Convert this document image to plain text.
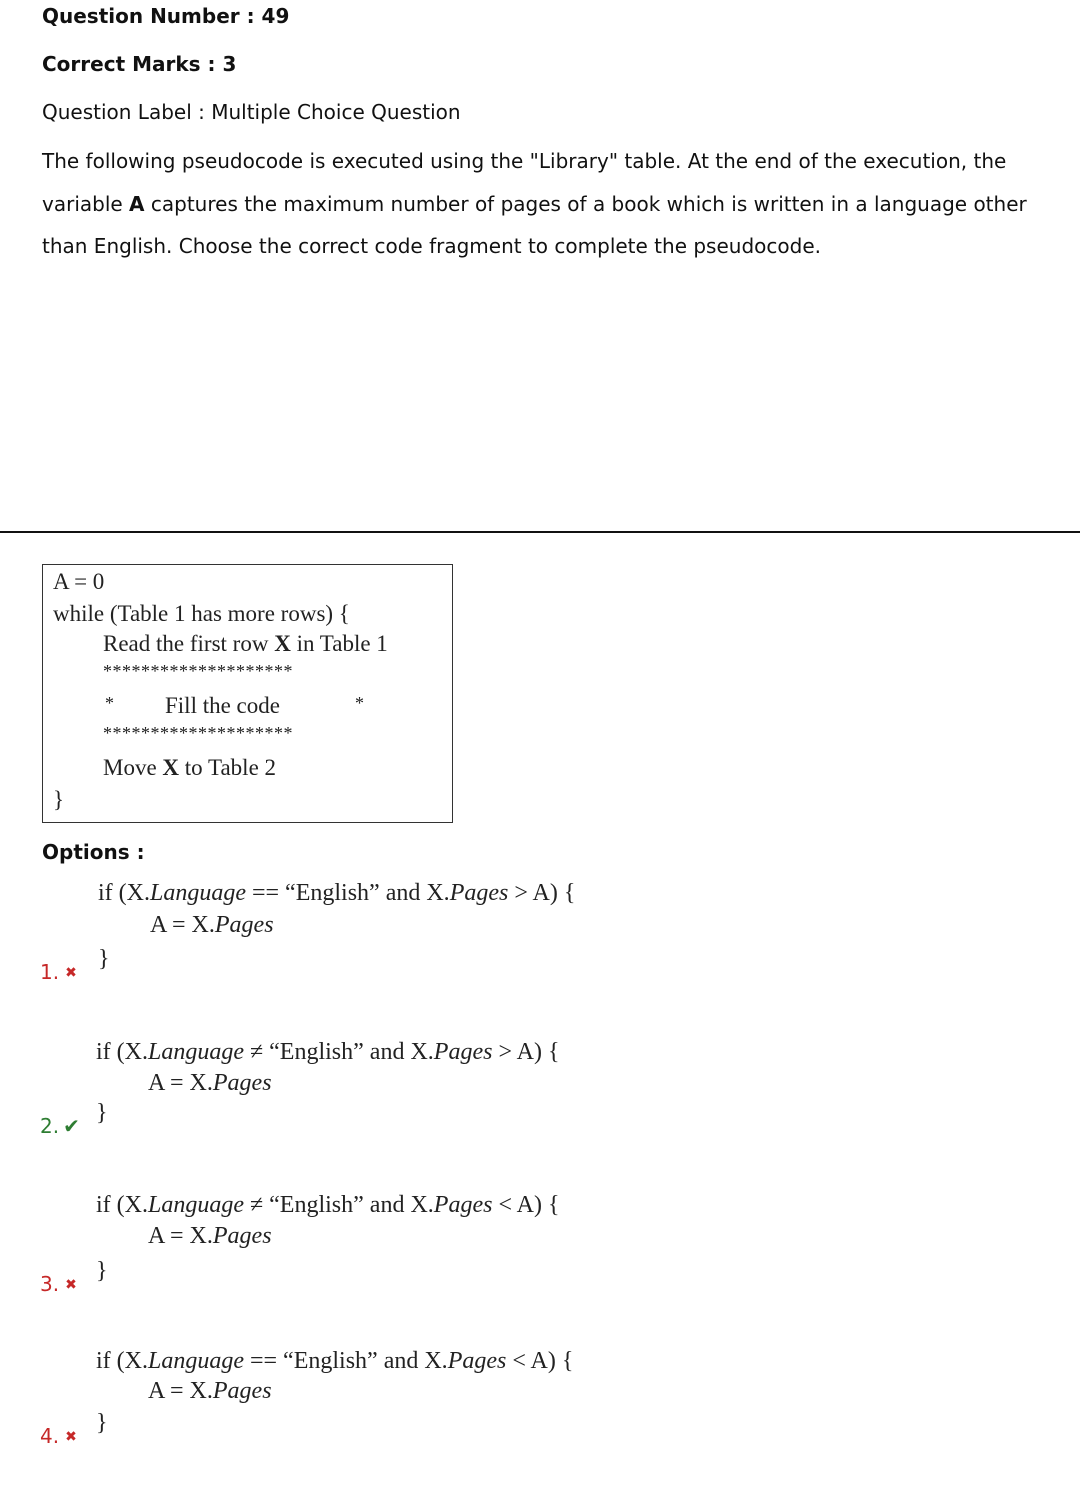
Question Number : 49
Correct Marks : 3
Question Label : Multiple Choice Question
The following pseudocode is executed using the "Library" table. At the end of the execution, the
variable A captures the maximum number of pages of a book which is written in a language other
than English. Choose the correct code fragment to complete the pseudocode.
A = 0
while (Table 1 has more rows) {
Read the first row X in Table 1
********************
* Fill the code	*
********************
Move X to Table 2
}
Options :
if (X.Language == “English” and X.Pages > A) {
A = X.Pages
1. ✖
}
if (X.Language ≠ “English” and X.Pages > A) {
A = X.Pages
2. ✔ }
if (X.Language ≠ “English” and X.Pages < A) {
A = X.Pages
3. ✖
}
if (X.Language == “English” and X.Pages < A) {
A = X.Pages
4. ✖
}
